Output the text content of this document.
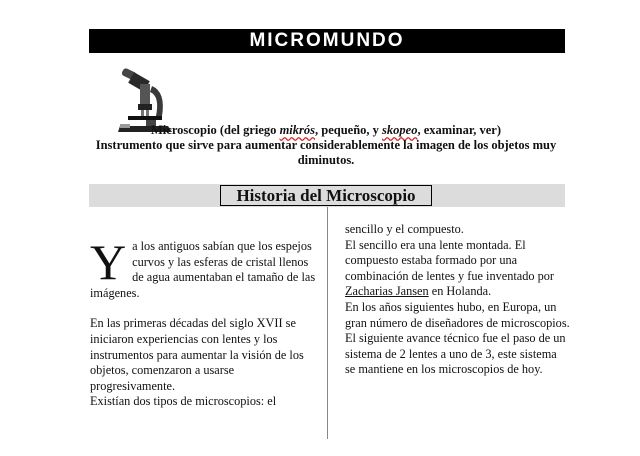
MICROMUNDO
Microscopio (del griego mikrós, pequeño, y skopeo, examinar, ver)
Instrumento que sirve para aumentar considerablemente la imagen de los objetos muy diminutos.
Historia del Microscopio

Ya los antiguos sabían que los espejos curvos y las esferas de cristal llenos de agua aumentaban el tamaño de las imágenes.

En las primeras décadas del siglo XVII se iniciaron experiencias con lentes y los instrumentos para aumentar la visión de los objetos, comenzaron a usarse progresivamente.

Existían dos tipos de microscopios: el

sencillo y el compuesto.

El sencillo era una lente montada. El compuesto estaba formado por una combinación de lentes y fue inventado por Zacharias Jansen en Holanda.

En los años siguientes hubo, en Europa, un gran número de diseñadores de microscopios.

El siguiente avance técnico fue el paso de un sistema de 2 lentes a uno de 3, este sistema se mantiene en los microscopios de hoy.
